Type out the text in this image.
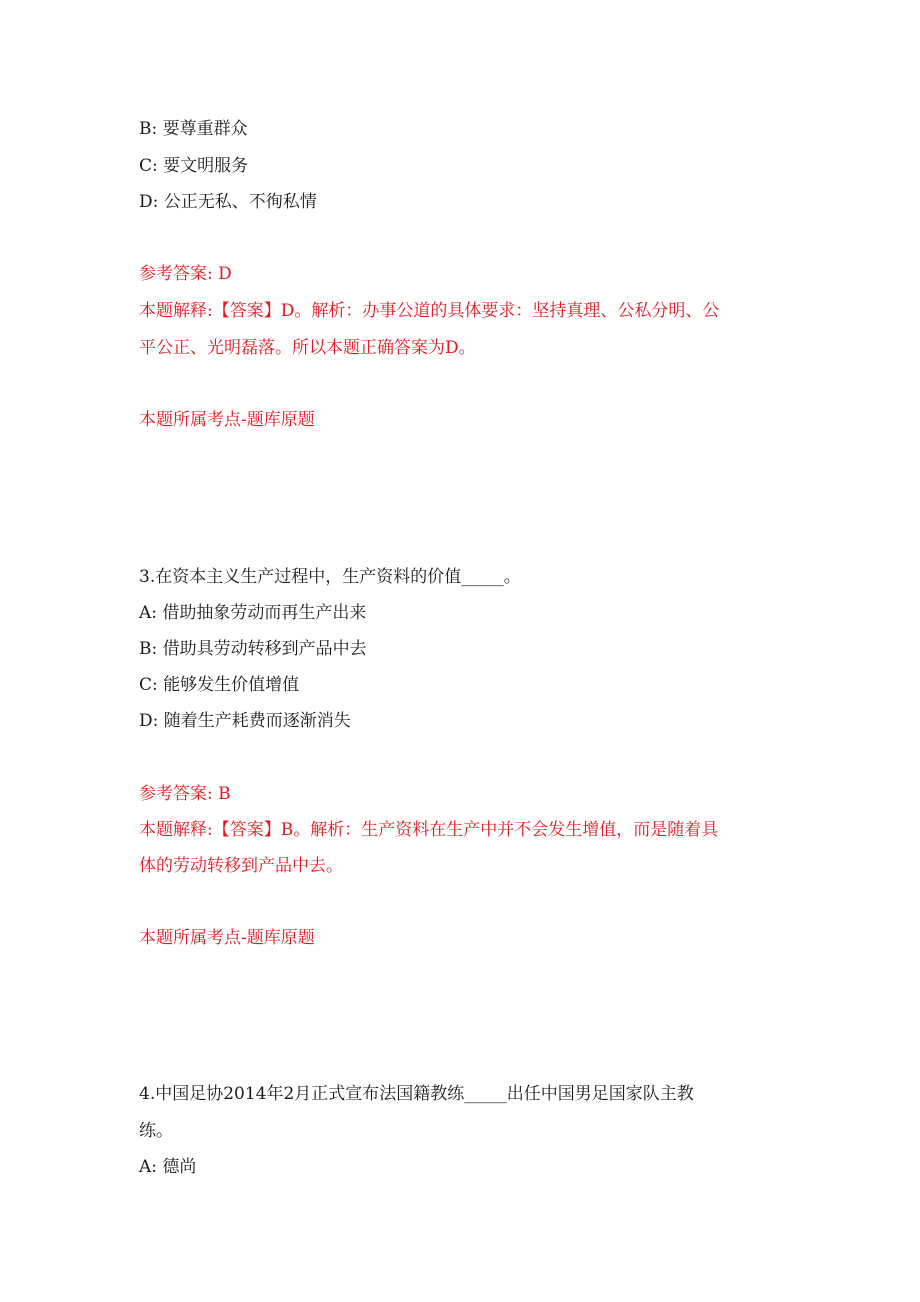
B: 要尊重群众
C: 要文明服务
D: 公正无私、不徇私情
参考答案: D
本题解释:【答案】D。解析：办事公道的具体要求：坚持真理、公私分明、公
平公正、光明磊落。所以本题正确答案为D。
本题所属考点-题库原题
3.在资本主义生产过程中，生产资料的价值_____。
A: 借助抽象劳动而再生产出来
B: 借助具劳动转移到产品中去
C: 能够发生价值增值
D: 随着生产耗费而逐渐消失
参考答案: B
本题解释:【答案】B。解析：生产资料在生产中并不会发生增值，而是随着具
体的劳动转移到产品中去。
本题所属考点-题库原题
4.中国足协2014年2月正式宣布法国籍教练_____出任中国男足国家队主教
练。
A: 德尚
